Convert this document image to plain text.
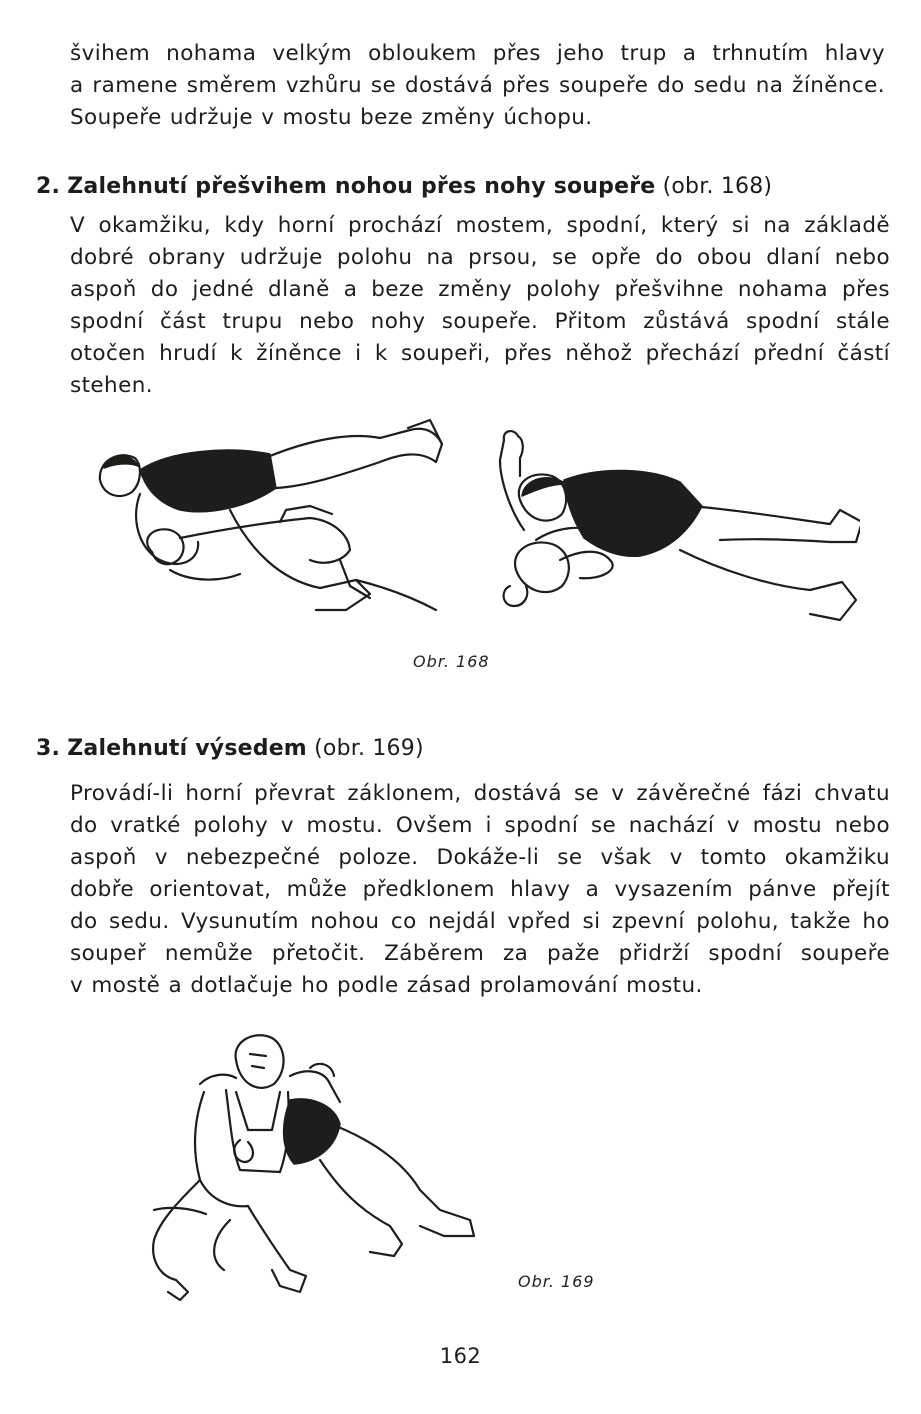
švihem nohama velkým obloukem přes jeho trup a trhnutím hlavy
a ramene směrem vzhůru se dostává přes soupeře do sedu na žíněnce.
Soupeře udržuje v mostu beze změny úchopu.
2. Zalehnutí přešvihem nohou přes nohy soupeře (obr. 168)
V okamžiku, kdy horní prochází mostem, spodní, který si na základě
dobré obrany udržuje polohu na prsou, se opře do obou dlaní nebo
aspoň do jedné dlaně a beze změny polohy přešvihne nohama přes
spodní část trupu nebo nohy soupeře. Přitom zůstává spodní stále
otočen hrudí k žíněnce i k soupeři, přes něhož přechází přední částí
stehen.
Obr. 168
3. Zalehnutí výsedem (obr. 169)
Provádí-li horní převrat záklonem, dostává se v závěrečné fázi chvatu
do vratké polohy v mostu. Ovšem i spodní se nachází v mostu nebo
aspoň v nebezpečné poloze. Dokáže-li se však v tomto okamžiku
dobře orientovat, může předklonem hlavy a vysazením pánve přejít
do sedu. Vysunutím nohou co nejdál vpřed si zpevní polohu, takže ho
soupeř nemůže přetočit. Záběrem za paže přidrží spodní soupeře
v mostě a dotlačuje ho podle zásad prolamování mostu.
Obr. 169
162
